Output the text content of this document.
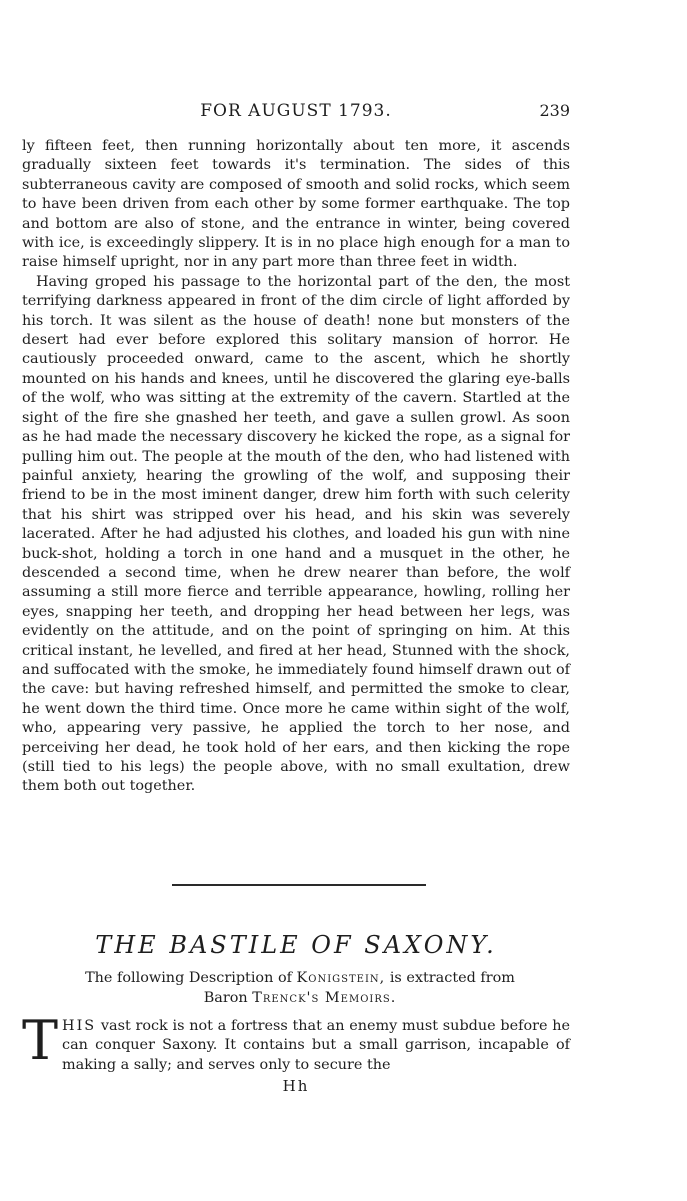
FOR AUGUST 1793.	239

ly fifteen feet, then running horizontally about ten more, it ascends gradually sixteen feet towards it's termination. The sides of this subterraneous cavity are composed of smooth and solid rocks, which seem to have been driven from each other by some former earthquake. The top and bottom are also of stone, and the entrance in winter, being covered with ice, is exceedingly slippery. It is in no place high enough for a man to raise himself upright, nor in any part more than three feet in width.

Having groped his passage to the horizontal part of the den, the most terrifying darkness appeared in front of the dim circle of light afforded by his torch. It was silent as the house of death! none but monsters of the desert had ever before explored this solitary mansion of horror. He cautiously proceeded onward, came to the ascent, which he shortly mounted on his hands and knees, until he discovered the glaring eye-balls of the wolf, who was sitting at the extremity of the cavern. Startled at the sight of the fire she gnashed her teeth, and gave a sullen growl. As soon as he had made the necessary discovery he kicked the rope, as a signal for pulling him out. The people at the mouth of the den, who had listened with painful anxiety, hearing the growling of the wolf, and supposing their friend to be in the most iminent danger, drew him forth with such celerity that his shirt was stripped over his head, and his skin was severely lacerated. After he had adjusted his clothes, and loaded his gun with nine buck-shot, holding a torch in one hand and a musquet in the other, he descended a second time, when he drew nearer than before, the wolf assuming a still more fierce and terrible appearance, howling, rolling her eyes, snapping her teeth, and dropping her head between her legs, was evidently on the attitude, and on the point of springing on him. At this critical instant, he levelled, and fired at her head, Stunned with the shock, and suffocated with the smoke, he immediately found himself drawn out of the cave: but having refreshed himself, and permitted the smoke to clear, he went down the third time. Once more he came within sight of the wolf, who, appearing very passive, he applied the torch to her nose, and perceiving her dead, he took hold of her ears, and then kicking the rope (still tied to his legs) the people above, with no small exultation, drew them both out together.

THE BASTILE OF SAXONY.
The following Description of Konigstein, is extracted from
Baron Trenck's Memoirs.
T HIS vast rock is not a fortress that an enemy must subdue before he can conquer Saxony. It contains but a small garrison, incapable of making a sally; and serves only to secure the
Hh
